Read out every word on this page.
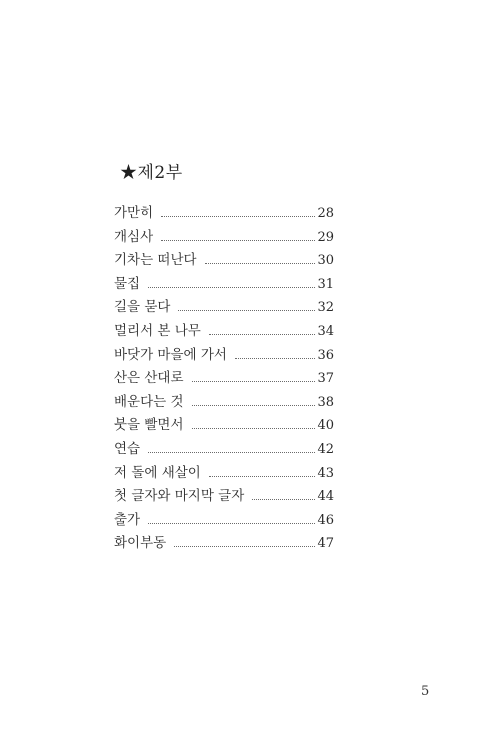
★제2부
가만히	28
개심사	29
기차는 떠난다	30
물집	31
길을 묻다	32
멀리서 본 나무	34
바닷가 마을에 가서	36
산은 산대로	37
배운다는 것	38
붓을 빨면서	40
연습	42
저 돌에 새살이	43
첫 글자와 마지막 글자	44
출가	46
화이부동	47
5
